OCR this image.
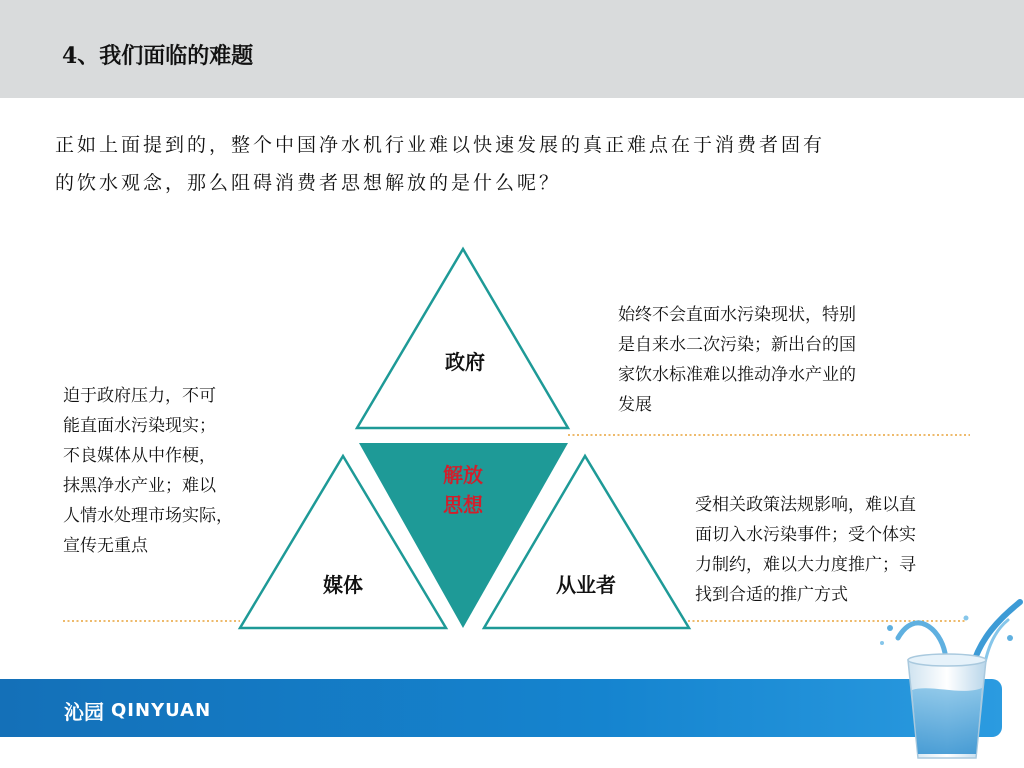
4、我们面临的难题

正如上面提到的，整个中国净水机行业难以快速发展的真正难点在于消费者固有

的饮水观念，那么阻碍消费者思想解放的是什么呢？

政府
媒体	从业者
解放
思想

迫于政府压力，不可

能直面水污染现实；

不良媒体从中作梗，

抹黑净水产业；难以

人情水处理市场实际，

宣传无重点

始终不会直面水污染现状，特别

是自来水二次污染；新出台的国

家饮水标准难以推动净水产业的

发展

受相关政策法规影响，难以直

面切入水污染事件；受个体实

力制约，难以大力度推广；寻

找到合适的推广方式

沁园 QINYUAN
